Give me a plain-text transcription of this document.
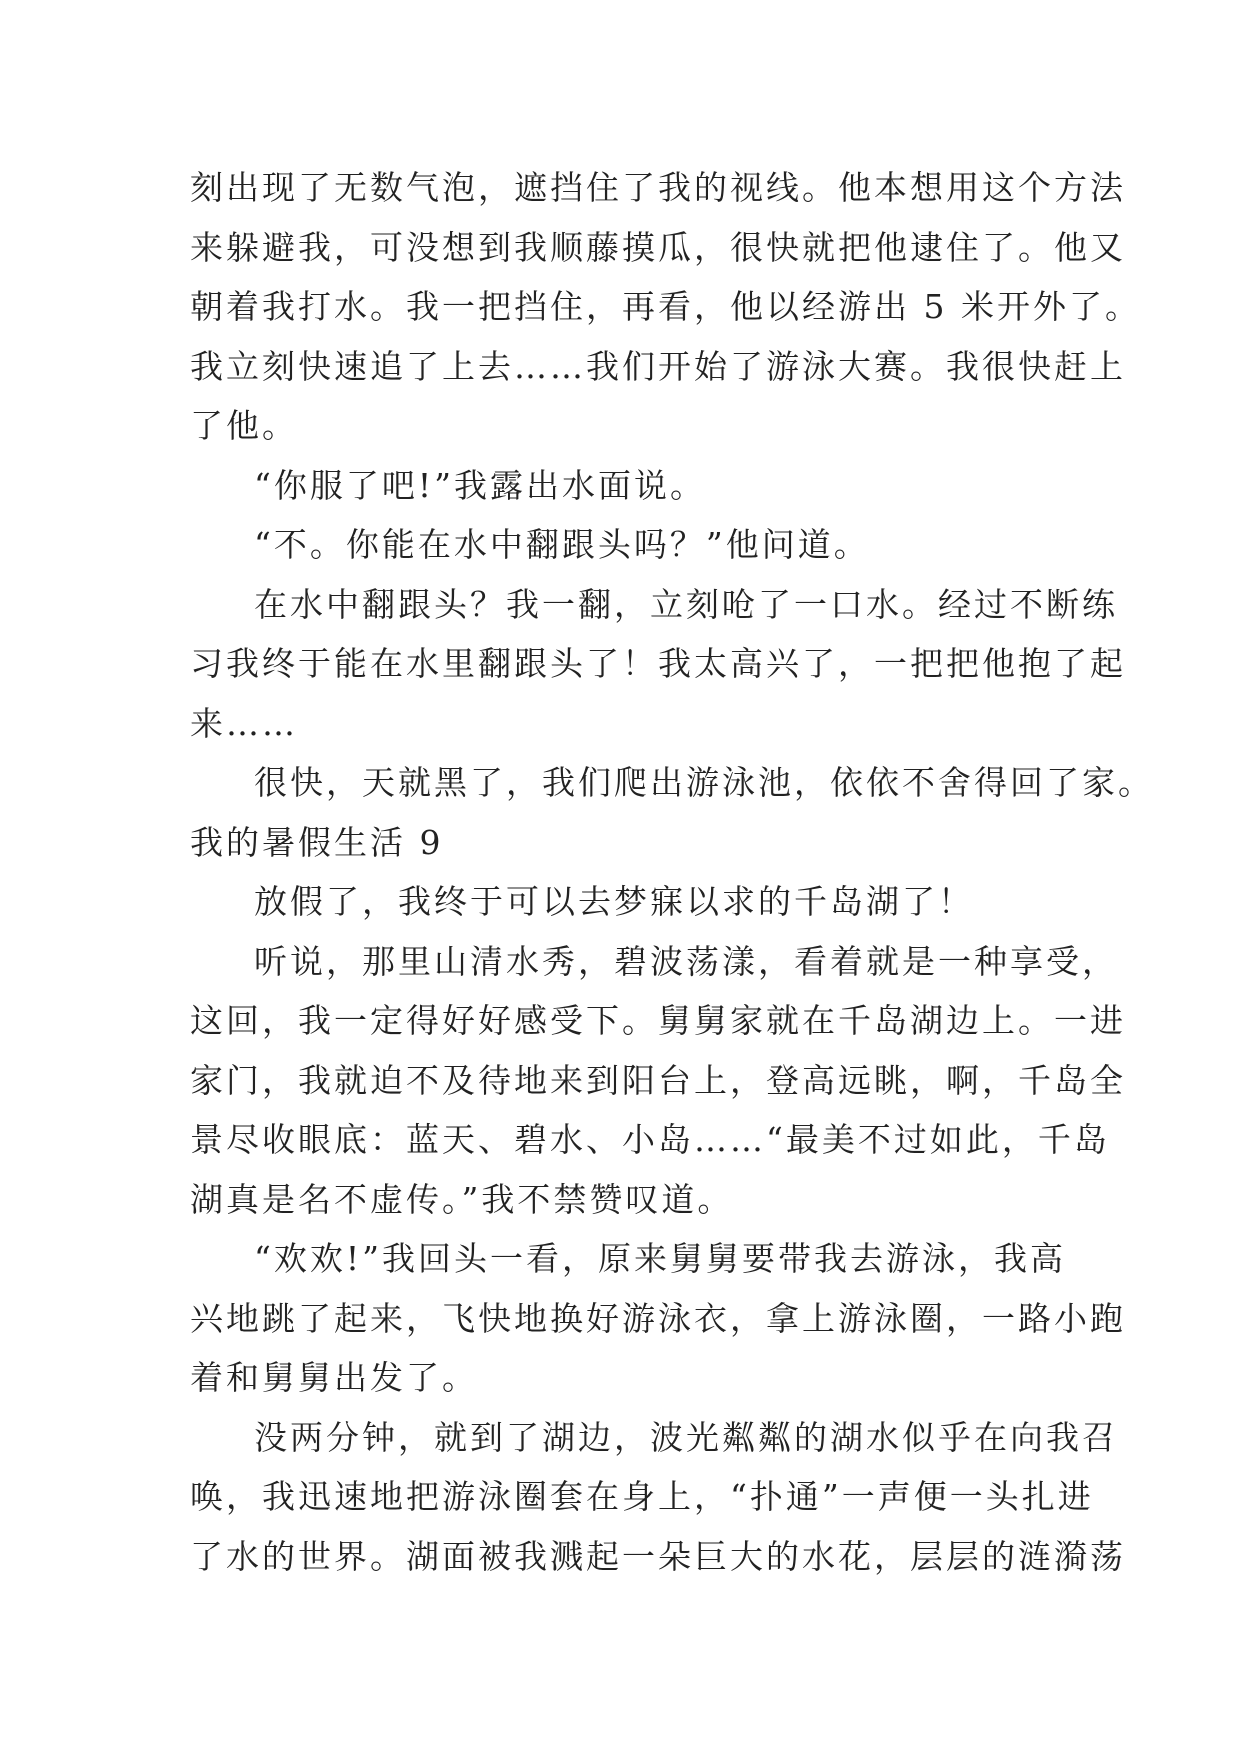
刻出现了无数气泡，遮挡住了我的视线。他本想用这个方法
来躲避我，可没想到我顺藤摸瓜，很快就把他逮住了。他又
朝着我打水。我一把挡住，再看，他以经游出 5 米开外了。
我立刻快速追了上去……我们开始了游泳大赛。我很快赶上
了他。
“你服了吧!”我露出水面说。
“不。你能在水中翻跟头吗？”他问道。
在水中翻跟头？我一翻，立刻呛了一口水。经过不断练
习我终于能在水里翻跟头了！我太高兴了，一把把他抱了起
来……
很快，天就黑了，我们爬出游泳池，依依不舍得回了家。
我的暑假生活 9
放假了，我终于可以去梦寐以求的千岛湖了！
听说，那里山清水秀，碧波荡漾，看着就是一种享受，
这回，我一定得好好感受下。舅舅家就在千岛湖边上。一进
家门，我就迫不及待地来到阳台上，登高远眺，啊，千岛全
景尽收眼底：蓝天、碧水、小岛……“最美不过如此，千岛
湖真是名不虚传。”我不禁赞叹道。
“欢欢!”我回头一看，原来舅舅要带我去游泳，我高
兴地跳了起来，飞快地换好游泳衣，拿上游泳圈，一路小跑
着和舅舅出发了。
没两分钟，就到了湖边，波光粼粼的湖水似乎在向我召
唤，我迅速地把游泳圈套在身上，“扑通”一声便一头扎进
了水的世界。湖面被我溅起一朵巨大的水花，层层的涟漪荡
